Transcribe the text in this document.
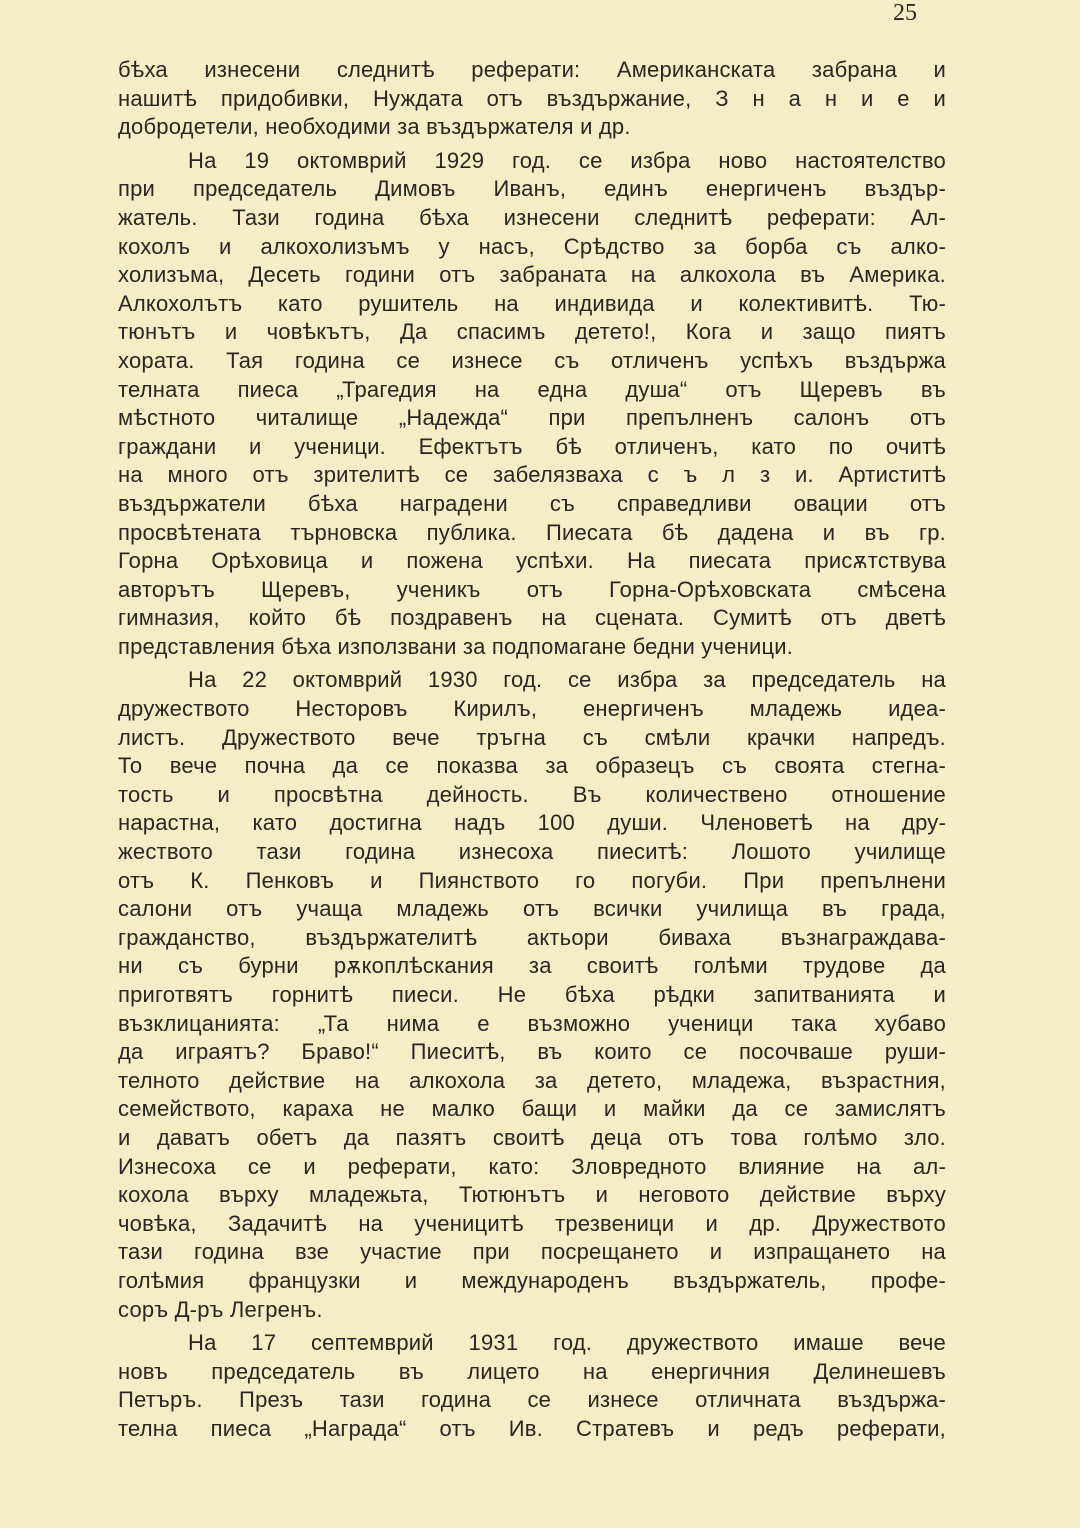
25
бѣха изнесени следнитѣ реферати: Американската забрана и
нашитѣ придобивки, Нуждата отъ въздържание, З н а н и е и
добродетели, необходими за въздържателя и др.
На 19 октомврий 1929 год. се избра ново настоятелство
при председатель Димовъ Иванъ, единъ енергиченъ въздър-
жатель. Тази година бѣха изнесени следнитѣ реферати: Ал-
кохолъ и алкохолизъмъ у насъ, Срѣдство за борба съ алко-
холизъма, Десеть години отъ забраната на алкохола въ Америка.
Алкохолътъ като рушитель на индивида и колективитѣ. Тю-
тюнътъ и човѣкътъ, Да спасимъ детето!, Кога и защо пиятъ
хората. Тая година се изнесе съ отличенъ успѣхъ въздържа
телната пиеса „Трагедия на една душа“ отъ Щеревъ въ
мѣстното читалище „Надежда“ при препълненъ салонъ отъ
граждани и ученици. Ефектътъ бѣ отличенъ, като по очитѣ
на много отъ зрителитѣ се забелязваха с ъ л з и. Артиститѣ
въздържатели бѣха наградени съ справедливи овации отъ
просвѣтената търновска публика. Пиесата бѣ дадена и въ гр.
Горна Орѣховица и пожена успѣхи. На пиесата присѫтствува
авторътъ Щеревъ, ученикъ отъ Горна-Орѣховската смѣсена
гимназия, който бѣ поздравенъ на сцената. Сумитѣ отъ дветѣ
представления бѣха използвани за подпомагане бедни ученици.
На 22 октомврий 1930 год. се избра за председатель на
дружеството Несторовъ Кирилъ, енергиченъ младежь идеа-
листъ. Дружеството вече тръгна съ смѣли крачки напредъ.
То вече почна да се показва за образецъ съ своята стегна-
тость и просвѣтна дейность. Въ количествено отношение
нарастна, като достигна надъ 100 души. Членоветѣ на дру-
жеството тази година изнесоха пиеситѣ: Лошото училище
отъ К. Пенковъ и Пиянството го погуби. При препълнени
салони отъ учаща младежь отъ всички училища въ града,
гражданство, въздържателитѣ актьори биваха възнаграждава-
ни съ бурни рѫкоплѣскания за своитѣ голѣми трудове да
приготвятъ горнитѣ пиеси. Не бѣха рѣдки запитванията и
възклицанията: „Та нима е възможно ученици така хубаво
да играятъ? Браво!“ Пиеситѣ, въ които се посочваше руши-
телното действие на алкохола за детето, младежа, възрастния,
семейството, караха не малко бащи и майки да се замислятъ
и даватъ обетъ да пазятъ своитѣ деца отъ това голѣмо зло.
Изнесоха се и реферати, като: Зловредното влияние на ал-
кохола върху младежьта, Тютюнътъ и неговото действие върху
човѣка, Задачитѣ на ученицитѣ трезвеници и др. Дружеството
тази година взе участие при посрещането и изпращането на
голѣмия французки и международенъ въздържатель, профе-
соръ Д-ръ Легренъ.
На 17 септемврий 1931 год. дружеството имаше вече
новъ председатель въ лицето на енергичния Делинешевъ
Петъръ. Презъ тази година се изнесе отличната въздържа-
телна пиеса „Награда“ отъ Ив. Стратевъ и редъ реферати,
